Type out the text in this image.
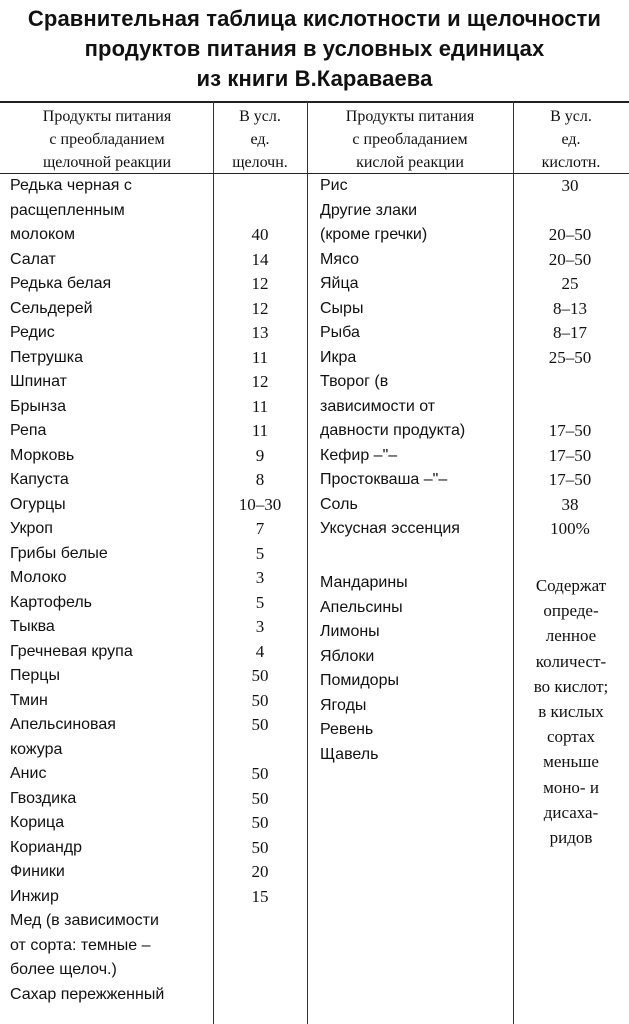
Сравнительная таблица кислотности и щелочности
продуктов питания в условных единицах
из книги В.Караваева
Продукты питания
с преобладанием
щелочной реакции
В усл.
ед.
щелочн.
Продукты питания
с преобладанием
кислой реакции
В усл.
ед.
кислотн.
Редька черная с
расщепленным
молоком
Салат
Редька белая
Сельдерей
Редис
Петрушка
Шпинат
Брынза
Репа
Морковь
Капуста
Огурцы
Укроп
Грибы белые
Молоко
Картофель
Тыква
Гречневая крупа
Перцы
Тмин
Апельсиновая
кожура
Анис
Гвоздика
Корица
Кориандр
Финики
Инжир
Мед (в зависимости
от сорта: темные –
более щелоч.)
Сахар пережженный
40
14
12
12
13
11
12
11
11
9
8
10–30
7
5
3
5
3
4
50
50
50
50
50
50
50
20
15
Рис
Другие злаки
(кроме гречки)
Мясо
Яйца
Сыры
Рыба
Икра
Творог (в
зависимости от
давности продукта)
Кефир –"–
Простокваша –"–
Соль
Уксусная эссенция
30
20–50
20–50
25
8–13
8–17
25–50
17–50
17–50
17–50
38
100%
Мандарины
Апельсины
Лимоны
Яблоки
Помидоры
Ягоды
Ревень
Щавель
Содержат
опреде-
ленное
количест-
во кислот;
в кислых
сортах
меньше
моно- и
дисаха-
ридов
